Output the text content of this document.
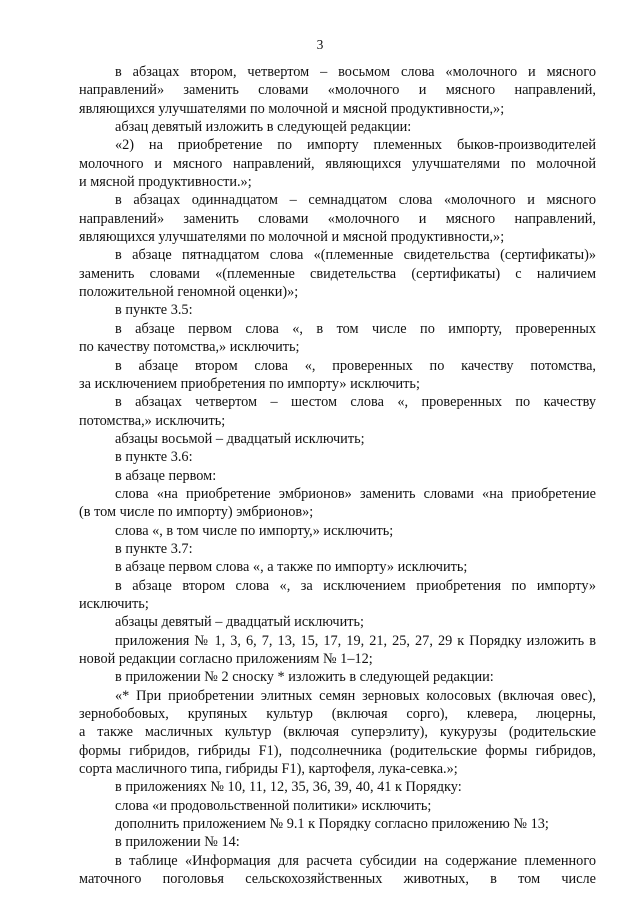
3
в абзацах втором, четвертом – восьмом слова «молочного и мясного
направлений» заменить словами «молочного и мясного направлений,
являющихся улучшателями по молочной и мясной продуктивности,»;
абзац девятый изложить в следующей редакции:
«2) на приобретение по импорту племенных быков-производителей
молочного и мясного направлений, являющихся улучшателями по молочной
и мясной продуктивности.»;
в абзацах одиннадцатом – семнадцатом слова «молочного и мясного
направлений» заменить словами «молочного и мясного направлений,
являющихся улучшателями по молочной и мясной продуктивности,»;
в абзаце пятнадцатом слова «(племенные свидетельства (сертификаты)»
заменить словами «(племенные свидетельства (сертификаты) с наличием
положительной геномной оценки)»;
в пункте 3.5:
в абзаце первом слова «, в том числе по импорту, проверенных
по качеству потомства,» исключить;
в абзаце втором слова «, проверенных по качеству потомства,
за исключением приобретения по импорту» исключить;
в абзацах четвертом – шестом слова «, проверенных по качеству
потомства,» исключить;
абзацы восьмой – двадцатый исключить;
в пункте 3.6:
в абзаце первом:
слова «на приобретение эмбрионов» заменить словами «на приобретение
(в том числе по импорту) эмбрионов»;
слова «, в том числе по импорту,» исключить;
в пункте 3.7:
в абзаце первом слова «, а также по импорту» исключить;
в абзаце втором слова «, за исключением приобретения по импорту»
исключить;
абзацы девятый – двадцатый исключить;
приложения № 1, 3, 6, 7, 13, 15, 17, 19, 21, 25, 27, 29 к Порядку изложить в
новой редакции согласно приложениям № 1–12;
в приложении № 2 сноску * изложить в следующей редакции:
«* При приобретении элитных семян зерновых колосовых (включая овес),
зернобобовых, крупяных культур (включая сорго), клевера, люцерны,
а также масличных культур (включая суперэлиту), кукурузы (родительские
формы гибридов, гибриды F1), подсолнечника (родительские формы гибридов,
сорта масличного типа, гибриды F1), картофеля, лука-севка.»;
в приложениях № 10, 11, 12, 35, 36, 39, 40, 41 к Порядку:
слова «и продовольственной политики» исключить;
дополнить приложением № 9.1 к Порядку согласно приложению № 13;
в приложении № 14:
в таблице «Информация для расчета субсидии на содержание племенного
маточного поголовья сельскохозяйственных животных, в том числе
